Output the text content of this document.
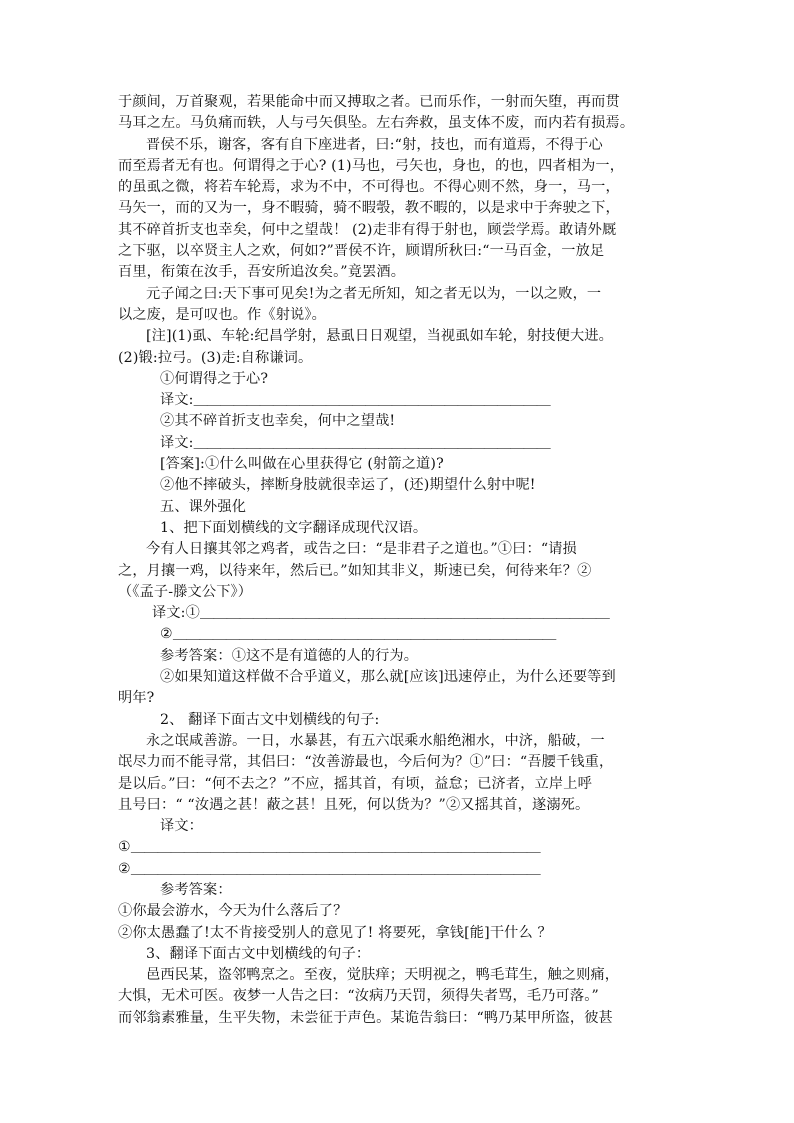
于颜间，万首聚观，若果能命中而又搏取之者。已而乐作，一射而矢堕，再而贯
马耳之左。马负痛而轶，人与弓矢俱坠。左右奔救，虽支体不废，而内若有损焉。
晋侯不乐，谢客，客有自下座进者，曰:“射，技也，而有道焉，不得于心
而至焉者无有也。何谓得之于心? (1)马也，弓矢也，身也，的也，四者相为一，
的虽虱之微，将若车轮焉，求为不中，不可得也。不得心则不然，身一，马一，
马矢一，而的又为一，身不暇骑，骑不暇彀，教不暇的，以是求中于奔驶之下，
其不碎首折支也幸矣，何中之望哉！ (2)走非有得于射也，顾尝学焉。敢请外厩
之下驱，以卒贤主人之欢，何如?”晋侯不许，顾谓所秋曰:“一马百金，一放足
百里，衔策在汝手，吾安所追汝矣。”竟罢酒。
元子闻之曰:天下事可见矣!为之者无所知，知之者无以为，一以之败，一
以之废，是可叹也。作《射说》。
[注](1)虱、车轮:纪昌学射，悬虱日日观望，当视虱如车轮，射技便大进。
(2)锻:拉弓。(3)走:自称谦词。
①何谓得之于心?
译文:＿＿＿＿＿＿＿＿＿＿＿＿＿＿＿＿＿＿＿＿＿＿＿＿＿＿＿
②其不碎首折支也幸矣，何中之望哉!
译文:＿＿＿＿＿＿＿＿＿＿＿＿＿＿＿＿＿＿＿＿＿＿＿＿＿＿＿
[答案]:①什么叫做在心里获得它 (射箭之道)?
②他不摔破头，摔断身肢就很幸运了，(还)期望什么射中呢!
五、课外强化
1、把下面划横线的文字翻译成现代汉语。
今有人日攘其邻之鸡者，或告之曰：“是非君子之道也。”①曰：“请损
之，月攘一鸡，以待来年，然后已。”如知其非义，斯速已矣，何待来年？②
（《孟子-滕文公下》）
译文:①＿＿＿＿＿＿＿＿＿＿＿＿＿＿＿＿＿＿＿＿＿＿＿＿＿＿＿＿＿＿＿
②＿＿＿＿＿＿＿＿＿＿＿＿＿＿＿＿＿＿＿＿＿＿＿＿＿＿＿＿＿
参考答案：①这不是有道德的人的行为。
②如果知道这样做不合乎道义，那么就[应该]迅速停止，为什么还要等到
明年?
2、 翻译下面古文中划横线的句子:
永之氓咸善游。一日，水暴甚，有五六氓乘水船绝湘水，中济，船破，一
氓尽力而不能寻常，其侣曰：“汝善游最也，今后何为？①”曰：“吾腰千钱重，
是以后。”曰：“何不去之？”不应，摇其首，有顷，益怠；已济者，立岸上呼
且号曰：“ “汝遇之甚！蔽之甚！且死，何以货为？”②又摇其首，遂溺死。
译文：
①＿＿＿＿＿＿＿＿＿＿＿＿＿＿＿＿＿＿＿＿＿＿＿＿＿＿＿＿＿＿＿
②＿＿＿＿＿＿＿＿＿＿＿＿＿＿＿＿＿＿＿＿＿＿＿＿＿＿＿＿＿＿＿
参考答案：
①你最会游水，今天为什么落后了？
②你太愚蠢了!太不肯接受别人的意见了! 将要死，拿钱[能]干什么 ？
3、翻译下面古文中划横线的句子：
邑西民某，盗邻鸭烹之。至夜，觉肤痒；天明视之，鸭毛茸生，触之则痛，
大惧，无术可医。夜梦一人告之曰：“汝病乃天罚，须得失者骂，毛乃可落。”
而邻翁素雅量，生平失物，未尝征于声色。某诡告翁曰：“鸭乃某甲所盗，彼甚
